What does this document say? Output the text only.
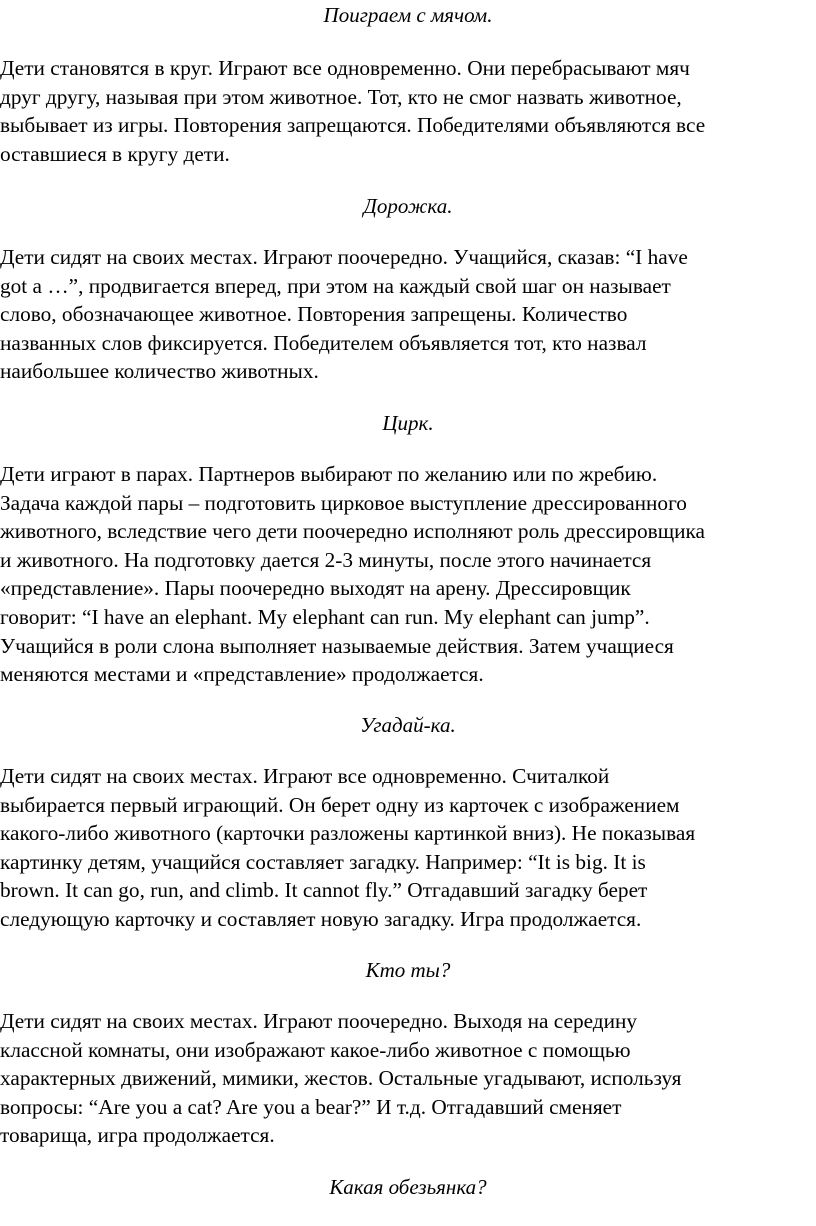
Поиграем с мячом.
Дети становятся в круг. Играют все одновременно. Они перебрасывают мяч
друг другу, называя при этом животное. Тот, кто не смог назвать животное,
выбывает из игры. Повторения запрещаются. Победителями объявляются все
оставшиеся в кругу дети.
Дорожка.
Дети сидят на своих местах. Играют поочередно. Учащийся, сказав: “I have
got a …”, продвигается вперед, при этом на каждый свой шаг он называет
слово, обозначающее животное. Повторения запрещены. Количество
названных слов фиксируется. Победителем объявляется тот, кто назвал
наибольшее количество животных.
Цирк.
Дети играют в парах. Партнеров выбирают по желанию или по жребию.
Задача каждой пары – подготовить цирковое выступление дрессированного
животного, вследствие чего дети поочередно исполняют роль дрессировщика
и животного. На подготовку дается 2-3 минуты, после этого начинается
«представление». Пары поочередно выходят на арену. Дрессировщик
говорит: “I have an elephant. My elephant can run. My elephant can jump”.
Учащийся в роли слона выполняет называемые действия. Затем учащиеся
меняются местами и «представление» продолжается.
Угадай-ка.
Дети сидят на своих местах. Играют все одновременно. Считалкой
выбирается первый играющий. Он берет одну из карточек с изображением
какого-либо животного (карточки разложены картинкой вниз). Не показывая
картинку детям, учащийся составляет загадку. Например: “It is big. It is
brown. It can go, run, and climb. It cannot fly.” Отгадавший загадку берет
следующую карточку и составляет новую загадку. Игра продолжается.
Кто ты?
Дети сидят на своих местах. Играют поочередно. Выходя на середину
классной комнаты, они изображают какое-либо животное с помощью
характерных движений, мимики, жестов. Остальные угадывают, используя
вопросы: “Are you a cat? Are you a bear?” И т.д. Отгадавший сменяет
товарища, игра продолжается.
Какая обезьянка?
